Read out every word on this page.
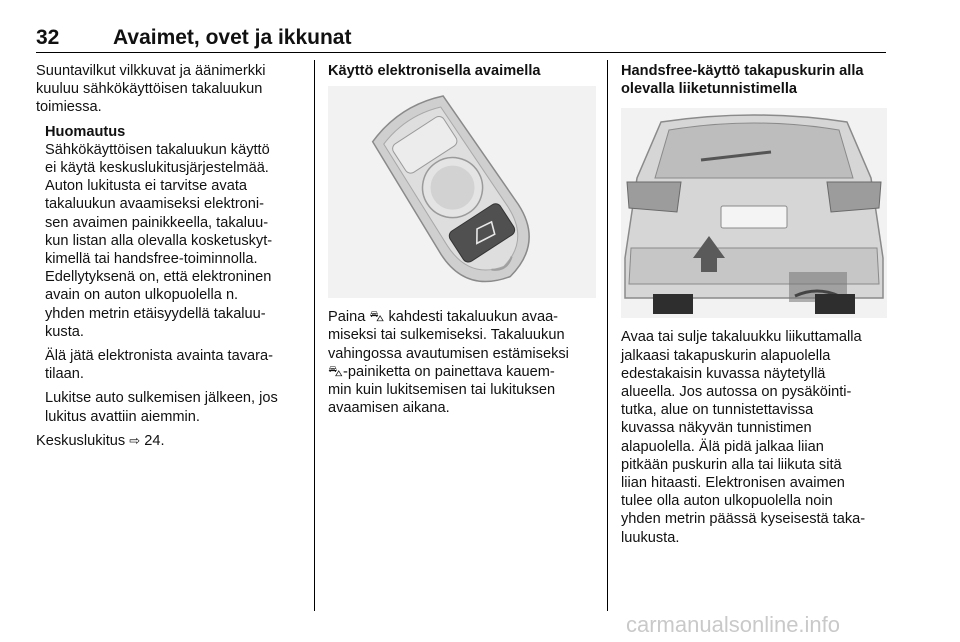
32	Avaimet, ovet ja ikkunat

Suuntavilkut vilkkuvat ja äänimerkki
kuuluu sähkökäyttöisen takaluukun
toimiessa.

Huomautus

Sähkökäyttöisen takaluukun käyttö
ei käytä keskuslukitusjärjestelmää.
Auton lukitusta ei tarvitse avata
takaluukun avaamiseksi elektroni-
sen avaimen painikkeella, takaluu-
kun listan alla olevalla kosketuskyt-
kimellä tai handsfree-toiminnolla.
Edellytyksenä on, että elektroninen
avain on auton ulkopuolella n.
yhden metrin etäisyydellä takaluu-
kusta.

Älä jätä elektronista avainta tavara-
tilaan.

Lukitse auto sulkemisen jälkeen, jos
lukitus avattiin aiemmin.

Keskuslukitus ⇨ 24.

Käyttö elektronisella avaimella

Paina ⛍ kahdesti takaluukun avaa-
miseksi tai sulkemiseksi. Takaluukun
vahingossa avautumisen estämiseksi
⛍-painiketta on painettava kauem-
min kuin lukitsemisen tai lukituksen
avaamisen aikana.

Handsfree-käyttö takapuskurin alla
olevalla liiketunnistimella

Avaa tai sulje takaluukku liikuttamalla
jalkaasi takapuskurin alapuolella
edestakaisin kuvassa näytetyllä
alueella. Jos autossa on pysäköinti-
tutka, alue on tunnistettavissa
kuvassa näkyvän tunnistimen
alapuolella. Älä pidä jalkaa liian
pitkään puskurin alla tai liikuta sitä
liian hitaasti. Elektronisen avaimen
tulee olla auton ulkopuolella noin
yhden metrin päässä kyseisestä taka-
luukusta.

carmanualsonline.info
